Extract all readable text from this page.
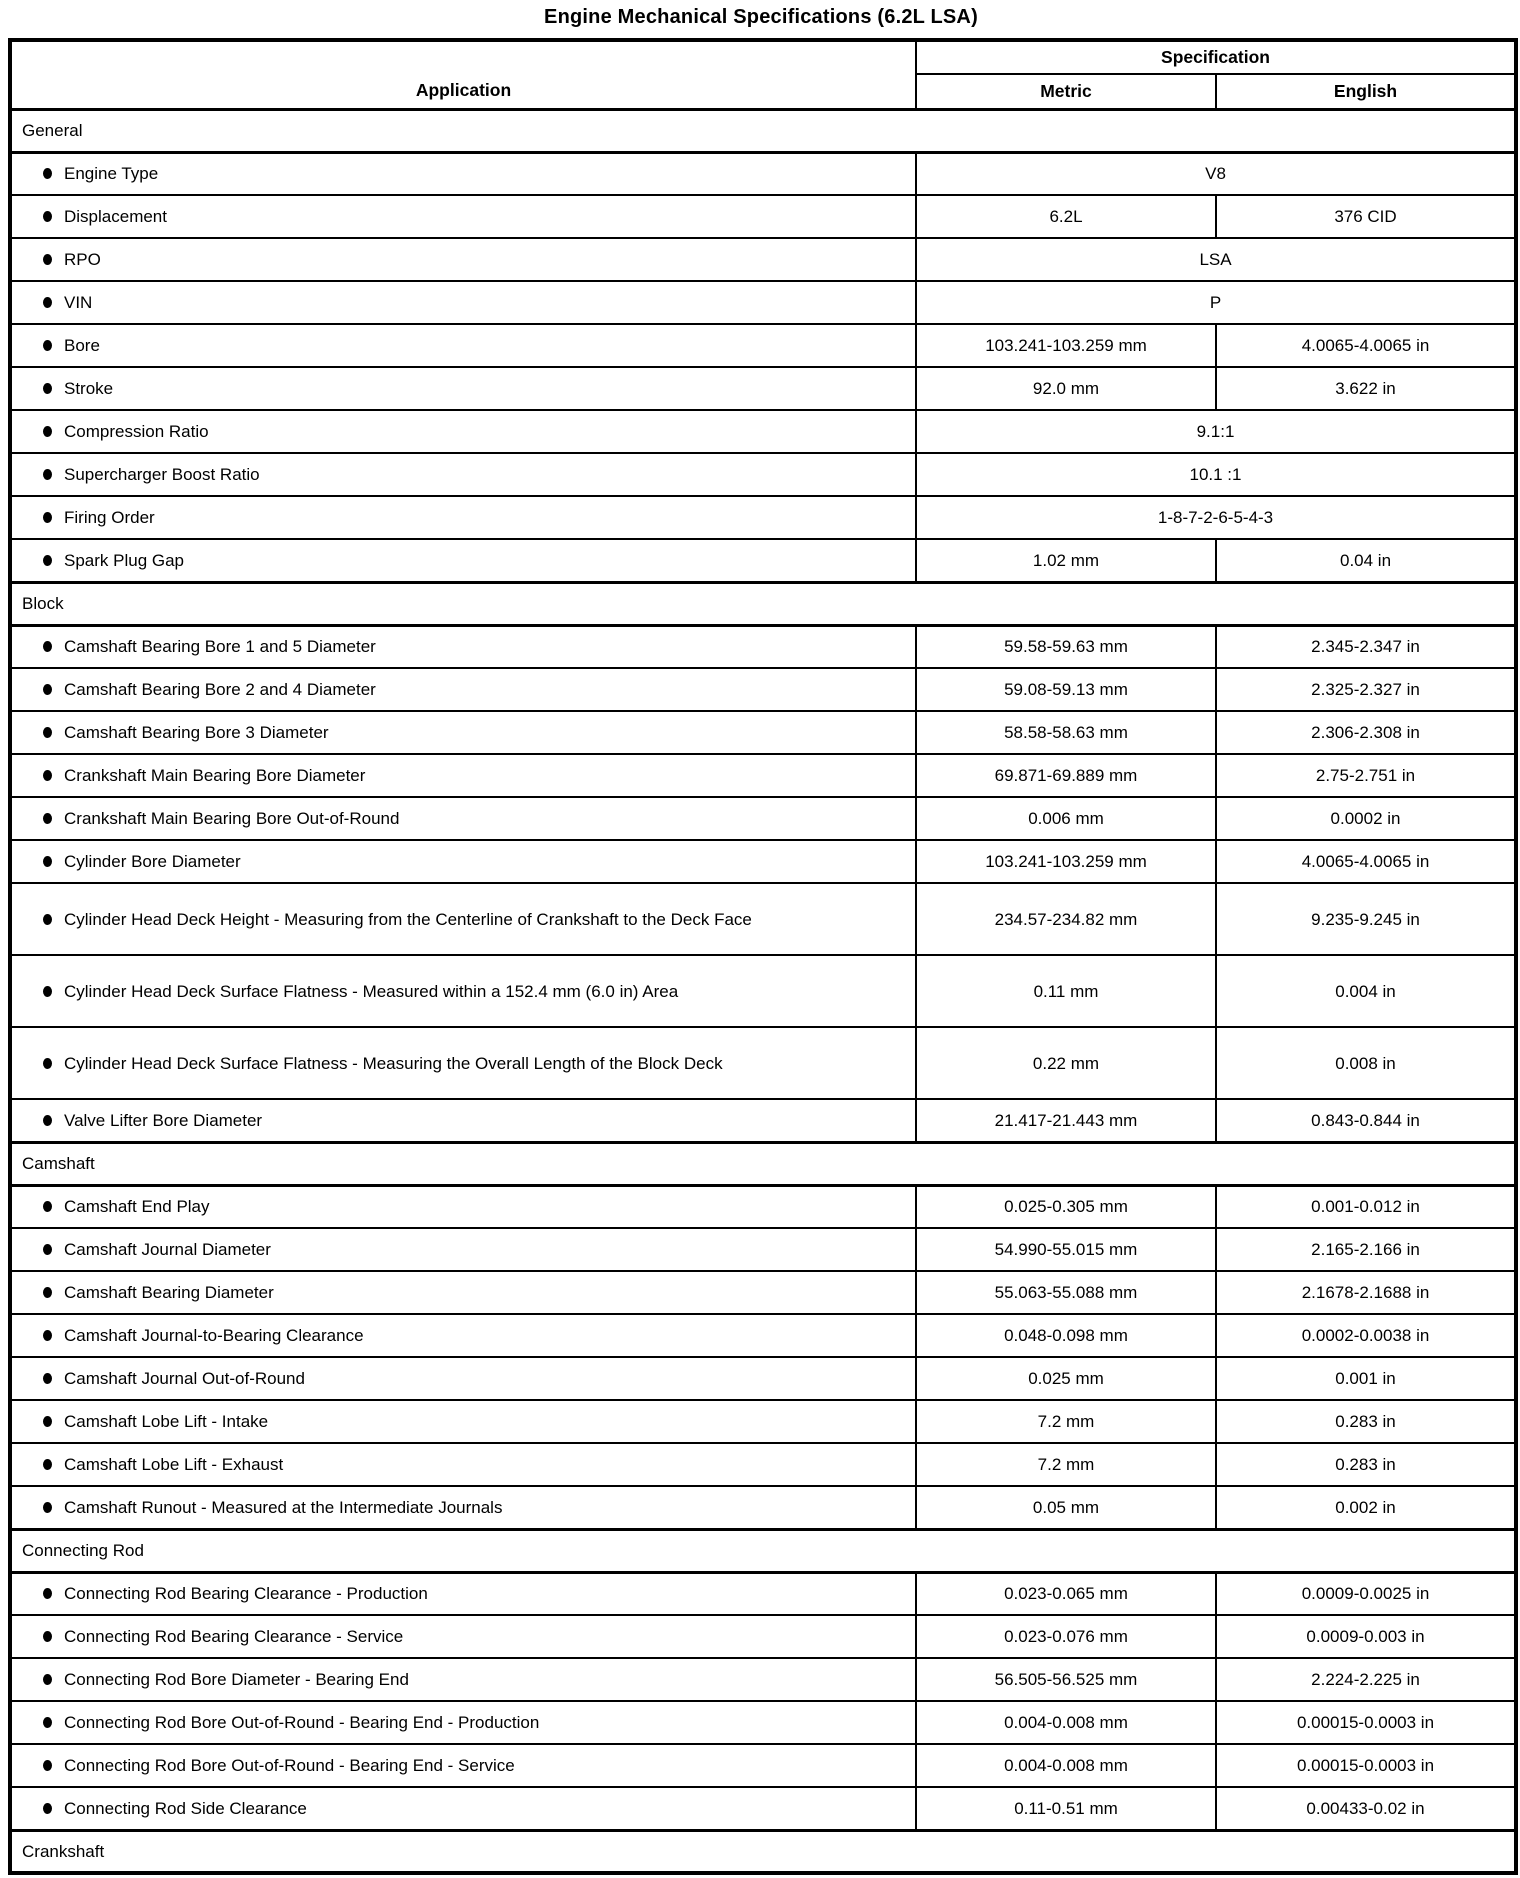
Engine Mechanical Specifications (6.2L LSA)
Application	Specification	
	Metric	English
General		

Engine Type	V8	

Displacement	6.2L	376 CID

RPO	LSA	

VIN	P	

Bore	103.241-103.259 mm	4.0065-4.0065 in

Stroke	92.0 mm	3.622 in

Compression Ratio	9.1:1	

Supercharger Boost Ratio	10.1 :1	

Firing Order	1-8-7-2-6-5-4-3	

Spark Plug Gap	1.02 mm	0.04 in
Block		

Camshaft Bearing Bore 1 and 5 Diameter	59.58-59.63 mm	2.345-2.347 in

Camshaft Bearing Bore 2 and 4 Diameter	59.08-59.13 mm	2.325-2.327 in

Camshaft Bearing Bore 3 Diameter	58.58-58.63 mm	2.306-2.308 in

Crankshaft Main Bearing Bore Diameter	69.871-69.889 mm	2.75-2.751 in

Crankshaft Main Bearing Bore Out-of-Round	0.006 mm	0.0002 in

Cylinder Bore Diameter	103.241-103.259 mm	4.0065-4.0065 in

Cylinder Head Deck Height - Measuring from the Centerline of Crankshaft to the Deck Face	234.57-234.82 mm	9.235-9.245 in

Cylinder Head Deck Surface Flatness - Measured within a 152.4 mm (6.0 in) Area	0.11 mm	0.004 in

Cylinder Head Deck Surface Flatness - Measuring the Overall Length of the Block Deck	0.22 mm	0.008 in

Valve Lifter Bore Diameter	21.417-21.443 mm	0.843-0.844 in
Camshaft		

Camshaft End Play	0.025-0.305 mm	0.001-0.012 in

Camshaft Journal Diameter	54.990-55.015 mm	2.165-2.166 in

Camshaft Bearing Diameter	55.063-55.088 mm	2.1678-2.1688 in

Camshaft Journal-to-Bearing Clearance	0.048-0.098 mm	0.0002-0.0038 in

Camshaft Journal Out-of-Round	0.025 mm	0.001 in

Camshaft Lobe Lift - Intake	7.2 mm	0.283 in

Camshaft Lobe Lift - Exhaust	7.2 mm	0.283 in

Camshaft Runout - Measured at the Intermediate Journals	0.05 mm	0.002 in
Connecting Rod		

Connecting Rod Bearing Clearance - Production	0.023-0.065 mm	0.0009-0.0025 in

Connecting Rod Bearing Clearance - Service	0.023-0.076 mm	0.0009-0.003 in

Connecting Rod Bore Diameter - Bearing End	56.505-56.525 mm	2.224-2.225 in

Connecting Rod Bore Out-of-Round - Bearing End - Production	0.004-0.008 mm	0.00015-0.0003 in

Connecting Rod Bore Out-of-Round - Bearing End - Service	0.004-0.008 mm	0.00015-0.0003 in

Connecting Rod Side Clearance	0.11-0.51 mm	0.00433-0.02 in
Crankshaft		
